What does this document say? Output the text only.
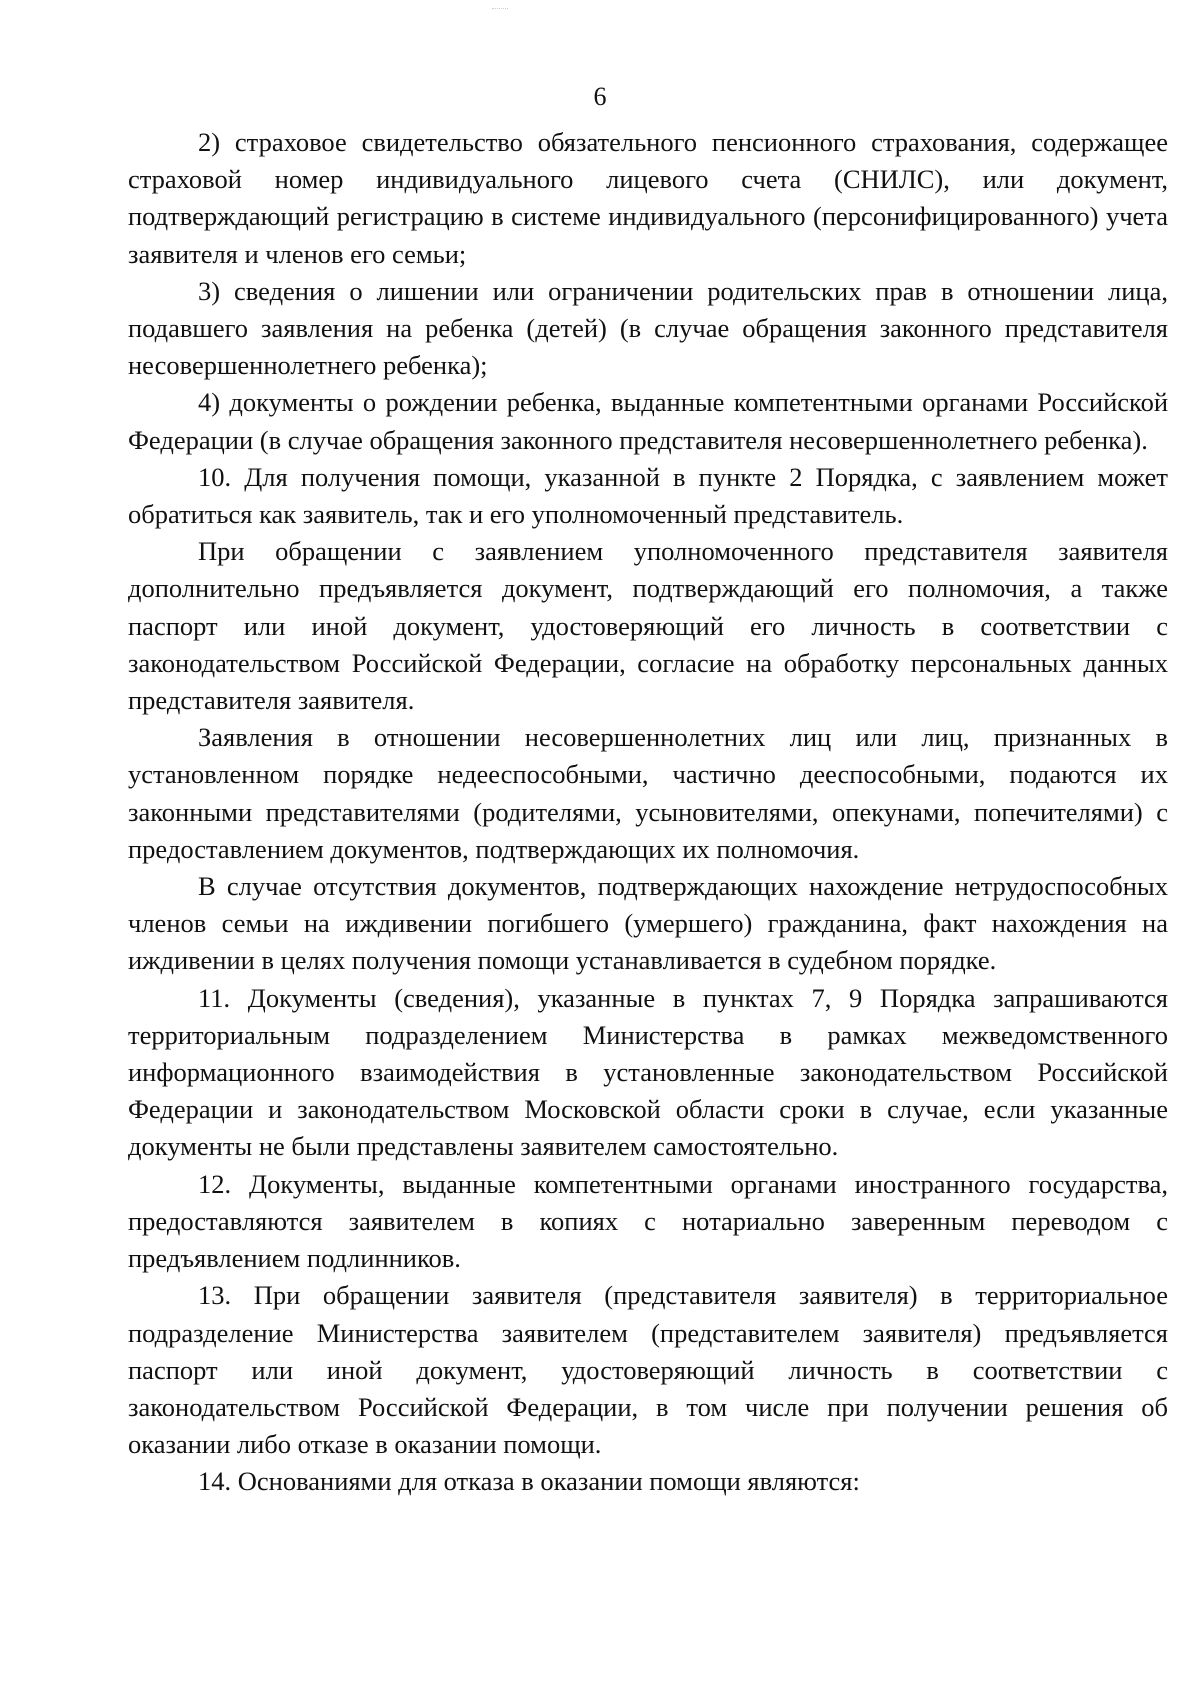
6

2) страховое свидетельство обязательного пенсионного страхования, содержащее страховой номер индивидуального лицевого счета (СНИЛС), или документ, подтверждающий регистрацию в системе индивидуального (персонифицированного) учета заявителя и членов его семьи;

3) сведения о лишении или ограничении родительских прав в отношении лица, подавшего заявления на ребенка (детей) (в случае обращения законного представителя несовершеннолетнего ребенка);

4) документы о рождении ребенка, выданные компетентными органами Российской Федерации (в случае обращения законного представителя несовершеннолетнего ребенка).

10. Для получения помощи, указанной в пункте 2 Порядка, с заявлением может обратиться как заявитель, так и его уполномоченный представитель.

При обращении с заявлением уполномоченного представителя заявителя дополнительно предъявляется документ, подтверждающий его полномочия, а также паспорт или иной документ, удостоверяющий его личность в соответствии с законодательством Российской Федерации, согласие на обработку персональных данных представителя заявителя.

Заявления в отношении несовершеннолетних лиц или лиц, признанных в установленном порядке недееспособными, частично дееспособными, подаются их законными представителями (родителями, усыновителями, опекунами, попечителями) с предоставлением документов, подтверждающих их полномочия.

В случае отсутствия документов, подтверждающих нахождение нетрудоспособных членов семьи на иждивении погибшего (умершего) гражданина, факт нахождения на иждивении в целях получения помощи устанавливается в судебном порядке.

11. Документы (сведения), указанные в пунктах 7, 9 Порядка запрашиваются территориальным подразделением Министерства в рамках межведомственного информационного взаимодействия в установленные законодательством Российской Федерации и законодательством Московской области сроки в случае, если указанные документы не были представлены заявителем самостоятельно.

12. Документы, выданные компетентными органами иностранного государства, предоставляются заявителем в копиях с нотариально заверенным переводом с предъявлением подлинников.

13. При обращении заявителя (представителя заявителя) в территориальное подразделение Министерства заявителем (представителем заявителя) предъявляется паспорт или иной документ, удостоверяющий личность в соответствии с законодательством Российской Федерации, в том числе при получении решения об оказании либо отказе в оказании помощи.

14. Основаниями для отказа в оказании помощи являются:
